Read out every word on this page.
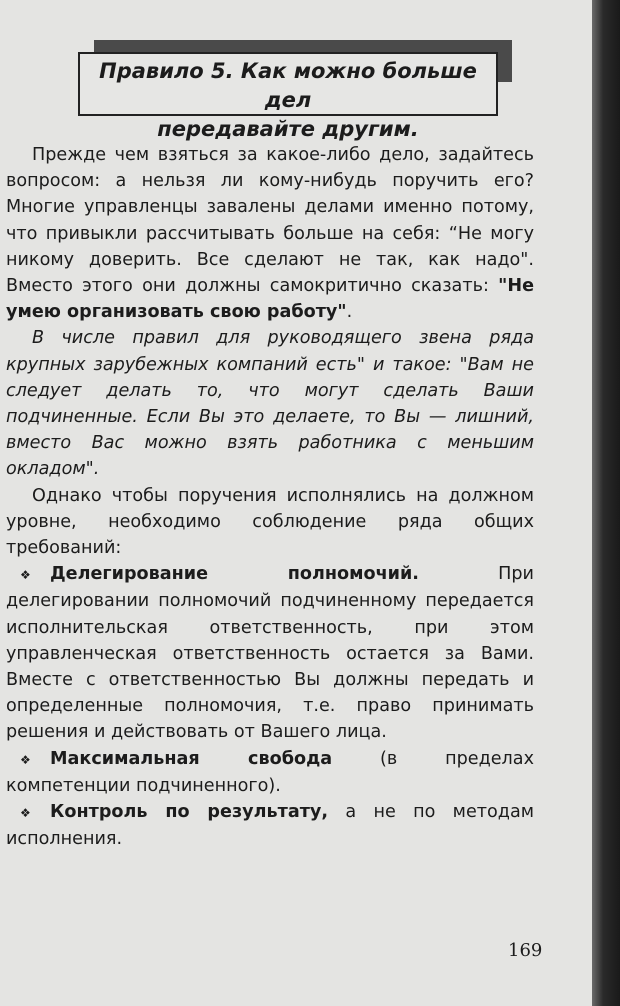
Правило 5. Как можно больше дел
передавайте другим.

Прежде чем взяться за какое-либо дело, задайтесь вопросом: а нельзя ли кому-нибудь поручить его? Многие управленцы завалены делами именно потому, что привыкли рассчитывать больше на себя: “Не могу никому доверить. Все сделают не так, как надо". Вместо этого они должны самокритично сказать: "Не умею организовать свою работу".

В числе правил для руководящего звена ряда крупных зарубежных компаний есть" и такое: "Вам не следует делать то, что могут сделать Ваши подчиненные. Если Вы это делаете, то Вы — лишний, вместо Вас можно взять работника с меньшим окладом".

Однако чтобы поручения исполнялись на должном уровне, необходимо соблюдение ряда общих требований:

❖ Делегирование полномочий. При делегировании полномочий подчиненному передается исполнительская ответственность, при этом управленческая ответственность остается за Вами. Вместе с ответственностью Вы должны передать и определенные полномочия, т.е. право принимать решения и действовать от Вашего лица.

❖ Максимальная свобода (в пределах компетенции подчиненного).

❖ Контроль по результату, а не по методам исполнения.

169
